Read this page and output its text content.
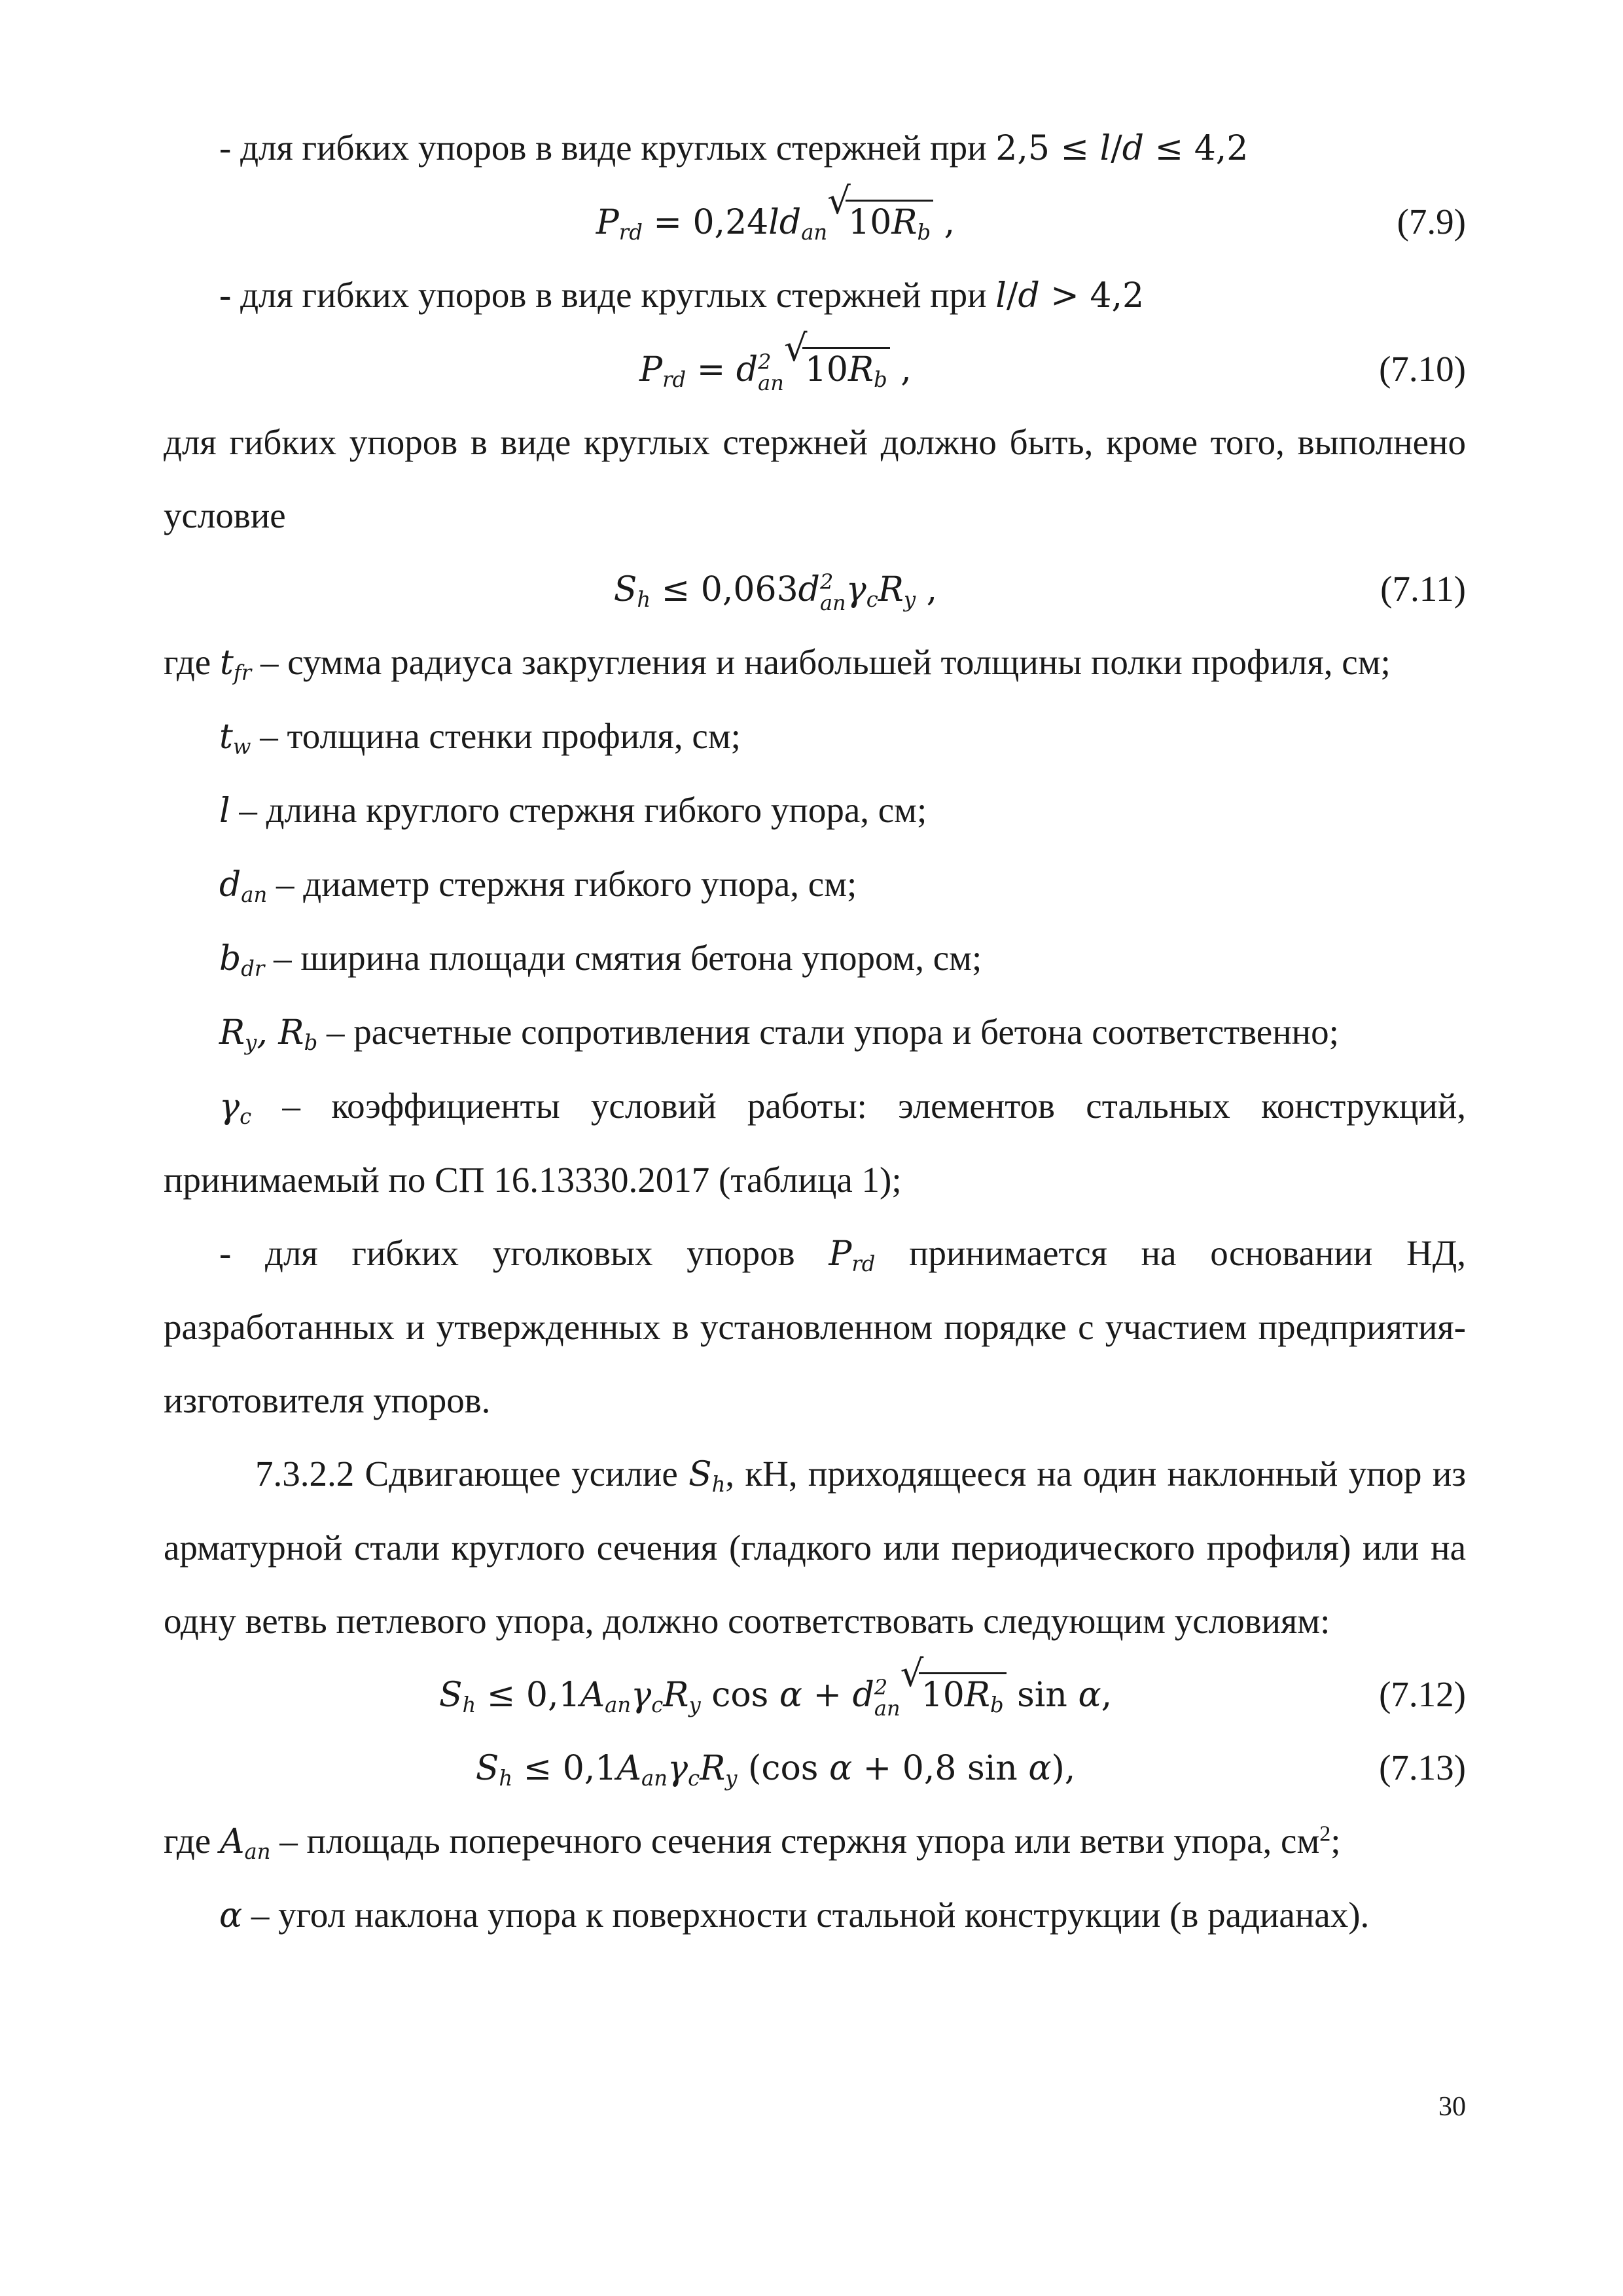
- для гибких упоров в виде круглых стержней при 2,5 ≤ l/d ≤ 4,2
$P_{rd} = 0,24ld_{an}$
√
$10R_b$ ,	(7.9)
- для гибких упоров в виде круглых стержней при l/d > 4,2
$P_{rd} = d$ 2
an
√
$10R_b$ ,	(7.10)
для гибких упоров в виде круглых стержней должно быть, кроме того, выполнено условие
$S_h \le 0,063d$ 2
an $\gamma_cR_y$ ,	(7.11)
где $t_{fr}$ – сумма радиуса закругления и наибольшей толщины полки профиля, см;
$t_w$ – толщина стенки профиля, см;
l – длина круглого стержня гибкого упора, см;
$d_{an}$ – диаметр стержня гибкого упора, см;
$b_{dr}$ – ширина площади смятия бетона упором, см;
$R_y$, $R_b$ – расчетные сопротивления стали упора и бетона соответственно;
$\gamma_c$ – коэффициенты условий работы: элементов стальных конструкций, принимаемый по СП 16.13330.2017 (таблица 1);
- для гибких уголковых упоров $P_{rd}$ принимается на основании НД, разработанных и утвержденных в установленном порядке с участием предприятия-изготовителя упоров.
7.3.2.2 Сдвигающее усилие $S_h$, кН, приходящееся на один наклонный упор из арматурной стали круглого сечения (гладкого или периодического профиля) или на одну ветвь петлевого упора, должно соответствовать следующим условиям:
$S_h \le 0,1A_{an}\gamma_cR_y$ cos α + d 2
an
√
$10R_b$ sin α,	(7.12)
$S_h \le 0,1A_{an}\gamma_cR_y$ (cos α + 0,8 sin α),	(7.13)
где $A_{an}$ – площадь поперечного сечения стержня упора или ветви упора, $см^2$;
α – угол наклона упора к поверхности стальной конструкции (в радианах).
30
